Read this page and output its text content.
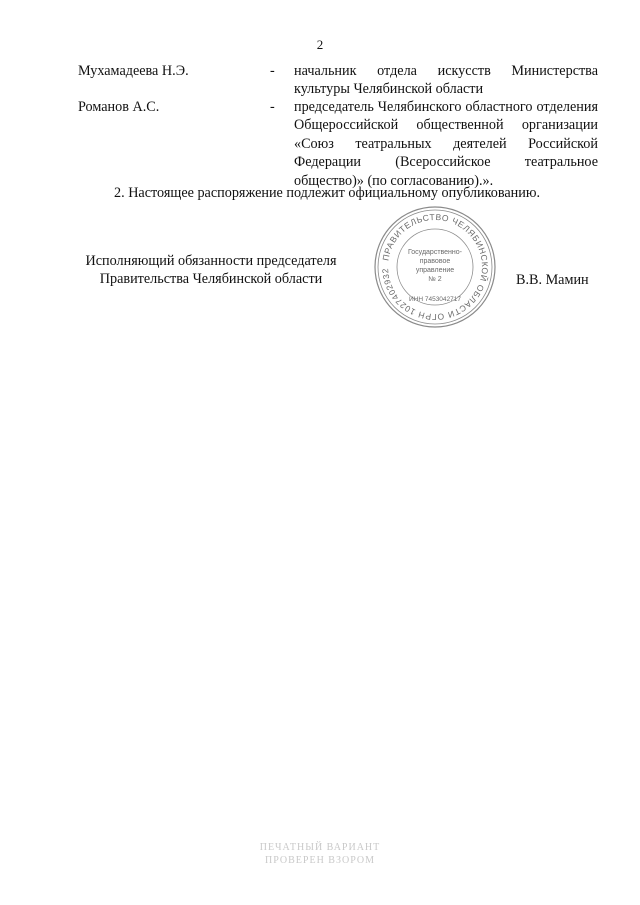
2
Мухамадеева Н.Э.	-	начальник отдела искусств Министерства культуры Челябинской области
Романов А.С.	-	председатель Челябинского областного отделения Общероссийской общественной организации «Союз театральных деятелей Российской Федерации (Всероссийское театральное общество)» (по согласованию).».
2. Настоящее распоряжение подлежит официальному опубликованию.
Исполняющий обязанности председателя
Правительства Челябинской области
ПРАВИТЕЛЬСТВО ЧЕЛЯБИНСКОЙ ОБЛАСТИ ОГРН 1027402932
Государственно-
правовое
управление
№ 2
ИНН 7453042717
В.В. Мамин
ПЕЧАТНЫЙ ВАРИАНТ
ПРОВЕРЕН ВЗОРОМ
